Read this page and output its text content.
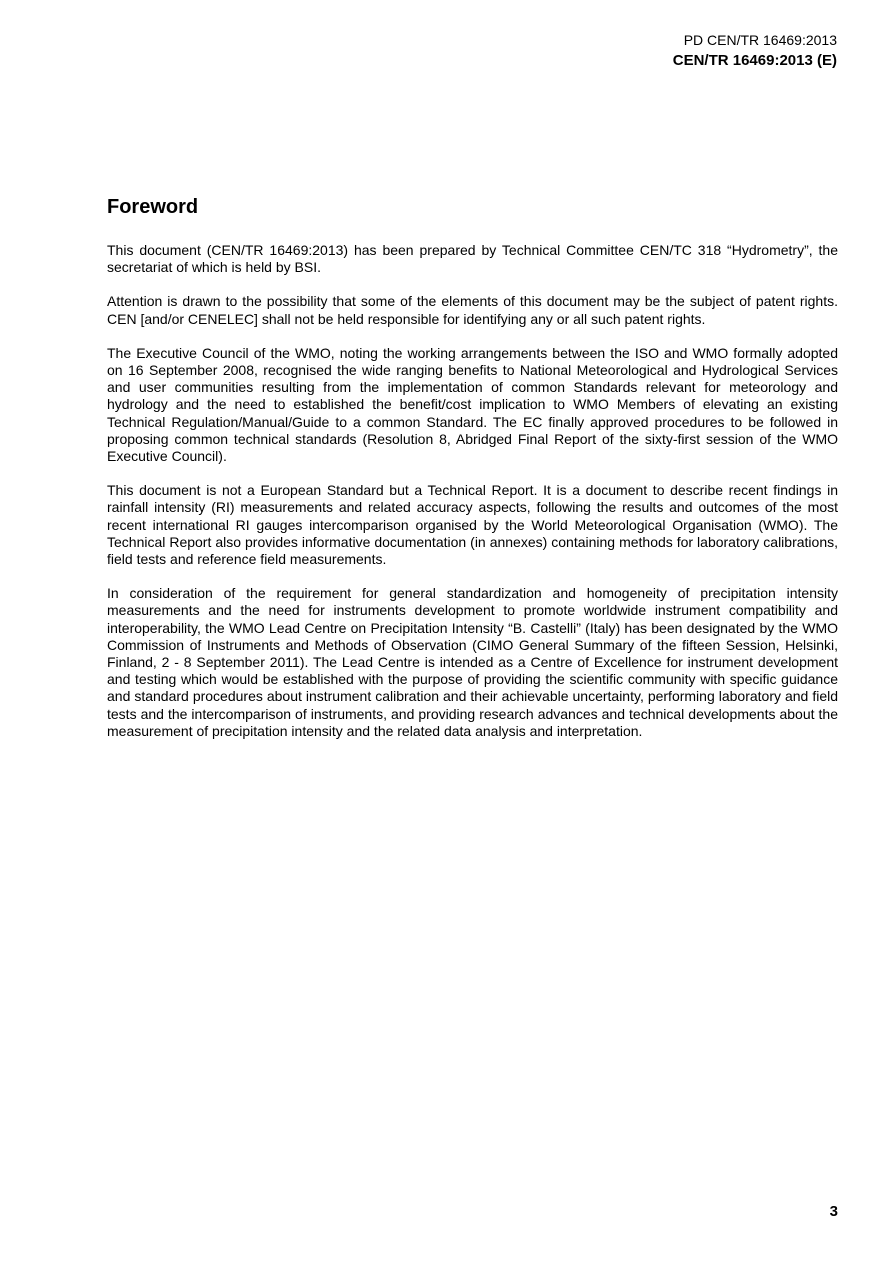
PD CEN/TR 16469:2013
CEN/TR 16469:2013 (E)
Foreword

This document (CEN/TR 16469:2013) has been prepared by Technical Committee CEN/TC 318 “Hydrometry”, the secretariat of which is held by BSI.

Attention is drawn to the possibility that some of the elements of this document may be the subject of patent rights. CEN [and/or CENELEC] shall not be held responsible for identifying any or all such patent rights.

The Executive Council of the WMO, noting the working arrangements between the ISO and WMO formally adopted on 16 September 2008, recognised the wide ranging benefits to National Meteorological and Hydrological Services and user communities resulting from the implementation of common Standards relevant for meteorology and hydrology and the need to established the benefit/cost implication to WMO Members of elevating an existing Technical Regulation/Manual/Guide to a common Standard. The EC finally approved procedures to be followed in proposing common technical standards (Resolution 8, Abridged Final Report of the sixty-first session of the WMO Executive Council).

This document is not a European Standard but a Technical Report. It is a document to describe recent findings in rainfall intensity (RI) measurements and related accuracy aspects, following the results and outcomes of the most recent international RI gauges intercomparison organised by the World Meteorological Organisation (WMO). The Technical Report also provides informative documentation (in annexes) containing methods for laboratory calibrations, field tests and reference field measurements.

In consideration of the requirement for general standardization and homogeneity of precipitation intensity measurements and the need for instruments development to promote worldwide instrument compatibility and interoperability, the WMO Lead Centre on Precipitation Intensity “B. Castelli” (Italy) has been designated by the WMO Commission of Instruments and Methods of Observation (CIMO General Summary of the fifteen Session, Helsinki, Finland, 2 - 8 September 2011). The Lead Centre is intended as a Centre of Excellence for instrument development and testing which would be established with the purpose of providing the scientific community with specific guidance and standard procedures about instrument calibration and their achievable uncertainty, performing laboratory and field tests and the intercomparison of instruments, and providing research advances and technical developments about the measurement of precipitation intensity and the related data analysis and interpretation.

3
